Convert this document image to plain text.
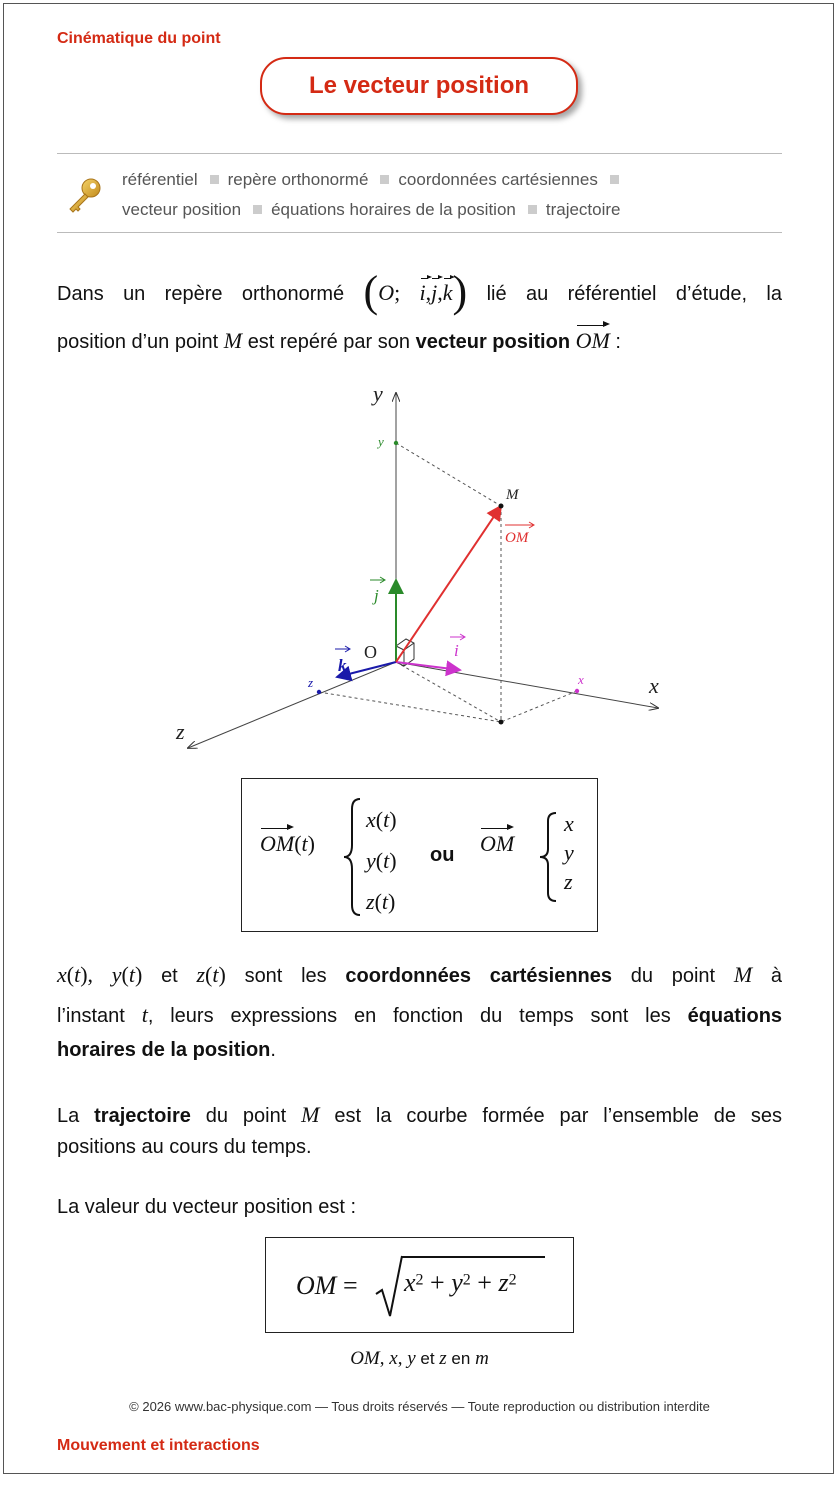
Cinématique du point
Le vecteur position
référentiel repère orthonormé coordonnées cartésiennes
vecteur position équations horaires de la position trajectoire
Dans un repère orthonormé (O; i,j,k) lié au référentiel d’étude, la
position d’un point M est repéré par son vecteur position OM :
y
x
z
M
OM
j
i
k
y
x
z
O
OM(t)
x(t)
y(t)
z(t)
ou OM
x
y
z
x(t), y(t) et z(t) sont les coordonnées cartésiennes du point M à
l’instant t, leurs expressions en fonction du temps sont les équations
horaires de la position.
La trajectoire du point M est la courbe formée par l’ensemble de ses
positions au cours du temps.
La valeur du vecteur position est :
OM = $x^2 + y^2 + z^2$
OM, x, y et z en m
© 2026 www.bac-physique.com — Tous droits réservés — Toute reproduction ou distribution interdite
Mouvement et interactions
